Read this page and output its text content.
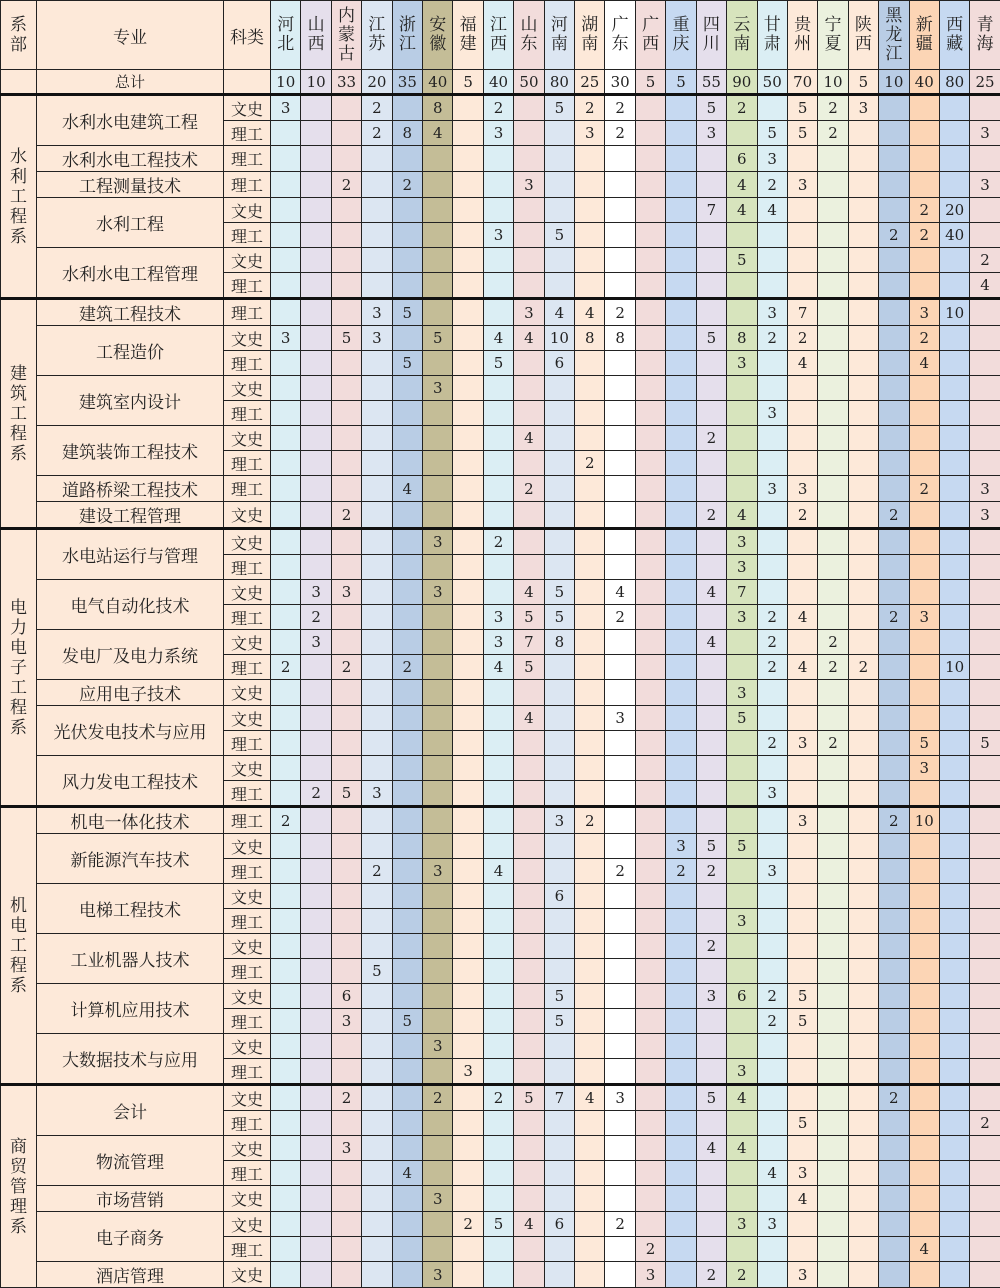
系部	专业	科类	河北	山西	内蒙古	江苏	浙江	安徽	福建	江西	山东	河南	湖南	广东	广西	重庆	四川	云南	甘肃	贵州	宁夏	陕西	黑龙江	新疆	西藏	青海
	总计		10	10	33	20	35	40	5	40	50	80	25	30	5	5	55	90	50	70	10	5	10	40	80	25
水利工程系	水利水电建筑工程	文史	3			2		8		2		5	2	2			5	2		5	2	3				
		理工				2	8	4		3			3	2			3		5	5	2					3
	水利水电工程技术	理工																6	3							
	工程测量技术	理工			2		2				3							4	2	3						3
	水利工程	文史															7	4	4					2	20	
		理工								3		5											2	2	40	
	水利水电工程管理	文史																5								2
		理工																								4
建筑工程系	建筑工程技术	理工				3	5				3	4	4	2					3	7				3	10	
	工程造价	文史	3		5	3		5		4	4	10	8	8			5	8	2	2				2		
		理工					5			5		6						3		4				4		
	建筑室内设计	文史						3																		
		理工																	3							
	建筑装饰工程技术	文史									4						2									
		理工											2													
	道路桥梁工程技术	理工					4				2								3	3				2		3
	建设工程管理	文史			2												2	4		2			2			3
电力电子工程系	水电站运行与管理	文史						3		2								3								
		理工																3								
	电气自动化技术	文史		3	3			3			4	5		4			4	7								
		理工		2						3	5	5		2				3	2	4			2	3		
	发电厂及电力系统	文史		3						3	7	8					4		2		2					
		理工	2		2		2			4	5								2	4	2	2			10	
	应用电子技术	文史																3								
	光伏发电技术与应用	文史									4			3				5								
		理工																	2	3	2			5		5
	风力发电工程技术	文史																						3		
		理工		2	5	3													3							
机电工程系	机电一体化技术	理工	2									3	2							3			2	10		
	新能源汽车技术	文史														3	5	5								
		理工				2		3		4				2		2	2		3							
	电梯工程技术	文史										6														
		理工																3								
	工业机器人技术	文史															2									
		理工				5																				
	计算机应用技术	文史			6							5					3	6	2	5						
		理工			3		5					5							2	5						
	大数据技术与应用	文史						3																		
		理工							3									3								
商贸管理系	会计	文史			2			2		2	5	7	4	3			5	4					2			
		理工																		5						2
	物流管理	文史			3												4	4								
		理工					4												4	3						
	市场营销	文史						3												4						
	电子商务	文史							2	5	4	6		2				3	3							
		理工													2									4		
	酒店管理	文史						3							3		2	2		3						
